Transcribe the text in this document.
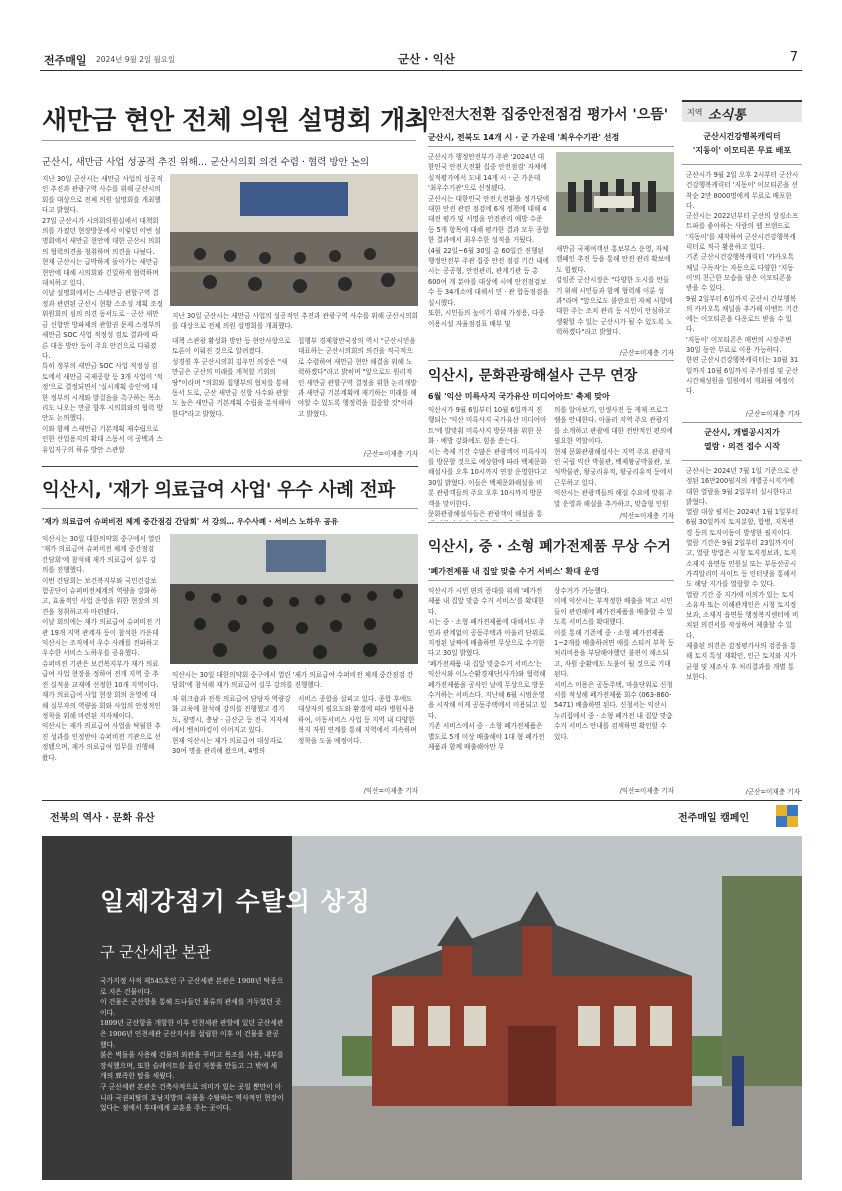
전주매일 2024년 9월 2일 월요일	군산 · 익산	7
새만금 현안 전체 의원 설명회 개최
군산시, 새만금 사업 성공적 추진 위해… 군산시의회 의견 수렴 · 협력 방안 논의

지난 30일 군산시는 새만금 사업의 성공적인 추진과 관광구역 사수를 위해 군산시의회를 대상으로 전체 의원 설명회를 개최했다고 밝혔다.
27일 군산시가 시의회의원실에서 대책회의를 가졌던 현장방문에서 이렇던 이번 설명회에서 새만금 현안에 대한 군산시 의회의 협력의견을 청취하며 의견을 나눴다.
현재 군산시는 급박하게 돌아가는 새만금 현안에 대해 시의회와 긴밀하게 협력하며 대처하고 있다.
이날 설명회에서는 스새만금 관할구역 결정과 관련된 군산시 현황 스조성 계획 조정위원회의 심의 의견 동서도로 · 군산 새만금 신항만 방파제의 관할권 문제 스정부의 새만금 SOC 사업 적정성 검토 결과에 따른 대응 방안 등이 주요 안건으로 다뤄졌다.
특히 정부의 새만금 SOC 사업 적정성 검토에서 새만금 국제공항 등 3개 사업이 '적정'으로 결정되면서 '실시계획 승인'에 대한 정부의 시계와 발걸음을 촉구하는 목소리도 나오는 만큼 향후 시의회와의 협력 방안도 논의했다.
이와 함께 스새만금 기본계획 재수립으로 인한 산업용지의 확대 스동서 이 공백과 스유입지구의 하류 방안 스관할

지난 30일 군산시는 새만금 사업의 성공적인 추진과 관광구역 사수를 위해 군산시의회를 대상으로 전체 의원 설명회를 개최했다.

대책 스관광 활성화 방안 등 현안사항으로 토론이 이뤄진 것으로 알려졌다.
성경원 후 군산시의회 김우민 의장은 "새만금은 군산의 미래를 개척할 기회의 땅"이라며 "의회와 집행부의 협치를 통해 동서 도로, 군산 새만금 신항 사수와 관할도 높은 새만금 기본계획 수립을 분석해야 한다"라고 밝혔다.

집행부 경제항만국장의 역시 "군산시민을 대표하는 군산시의회의 의견을 적극적으로 수렴하여 새만금 현안 해결을 위해 노력하겠다"라고 밝히며 "앞으로도 원리적인 새만금 관할구역 결정을 위한 논리개발과 새만금 기본계획에 재기하는 미래를 해야할 수 있도록 행정력을 집중할 것"이라고 밝혔다.

/군산=이재충 기자
안전大전환 집중안전점검 평가서 '으뜸'
군산시, 전북도 14개 시 · 군 가운데 '최우수기관' 선정

군산시가 행정안전부가 주관 '2024년 대한민국 안전大전환 집중 안전점검' 자체에 실적평가에서 도내 14개 시 · 군 가운데 '최우수기관'으로 선정됐다.
군산시는 대한민국 안전大전환을 정가담에 대한 안전 관련 점검에 6개 정책에 대해 4대전 평가 및 서명을 안전관리 예방 수준 등 5개 항목에 대해 평가한 결과 모두 종합한 결과에서 최우수한 성적을 거뒀다.
(4월 22일~6월 30일 총 60일간 진행된 행정안전부 주관 집중 안전 점검 기간 내에 시는 공공형, 안전관리, 관계기관 등 총 600여 개 분야를 대상에 시에 안전점검보수 등 34개소에 대해서 민 · 관 합동점검을 실시했다.
또한, 시민들의 높이기 위해 가정용, 다중이용시설 자율점검표 배부 및

새만금 국제여객선 홍보부스 운영, 자체 캠페인 추진 등을 통해 안전 관리 확보에도 힘썼다.
강임준 군산시장은 "다양한 도시를 만들기 위해 시민들과 함께 협력해 이룬 성과"라며 "앞으로도 불안요인 자체 시항에 대한 주는 조치 관리 등 시민이 안심하고 생활할 수 있는 군산시가 될 수 있도록 노력하겠다"라고 밝혔다.

/군산=이재충 기자
익산시, 문화관광해설사 근무 연장
6월 '익산 미륵사지 국가유산 미디어아트' 축제 맞아

익산시가 9월 6일부터 10월 6일까지 진행되는 '익산 미륵사지 국가유산 미디어아트'에 발맞춰 미륵사지 방문객을 위한 문화 · 예방 강화에도 힘을 쏟는다.
시는 축제 기간 수많은 관광객이 미륵사지를 방문할 것으로 예상함에 따라 백제문화해설사를 오후 10시까지 연장 운영한다고 30일 밝혔다. 이들은 백제문화해설을 비롯 관광객들의 주요 오후 10시까지 방문객을 맞이한다.
문화관광해설사들은 관광객이 해설을 통

의를 알아보기, 인생사진 등 게재 프로그램을 안내한다. 아울러 지역 주요 관광지를 소개하고 관광에 대한 전반적인 편의에 필요한 역할이다.
현재 문화관광해설사는 지역 주요 관광지인 국립 익산 박물관, 백제왕궁박물관, 보석박물관, 왕궁리유적, 왕궁리유적 등에서 근무하고 있다.
익산시는 관광객들의 해설 수요에 맞춰 주말 운영과 해설을 추가하고, 맞춤형 인원

/익산=이재충 기자
익산시, '재가 의료급여 사업' 우수 사례 전파
'재가 의료급여 슈퍼비전 체계 중간점검 간담회' 서 강의… 우수사례 · 서비스 노하우 공유

익산시는 30일 대한의약회 중구에서 열린 '재가 의료급여 슈퍼비전 체계 중간점검 간담회'에 참석해 재가 의료급여 실무 강의를 진행했다.
이번 간담회는 보건복지부와 국민건강보험공단이 슈퍼비전체계의 역량을 강화하고, 효율적인 사업 운영을 위한 현장의 의견을 청취하고자 마련됐다.
이날 회의에는 재가 의료급여 슈퍼비전 기관 19개 지역 관계자 등이 참석한 가운데 익산시는 조직에서 우수 사례를 전파하고 우수한 서비스 노하우를 공유했다.
슈퍼비전 기관은 보건복지부가 재가 의료급여 사업 현장을 정하여 전개 지역 중 추진 실적을 교재에 선정한 10개 지역이다. 재가 의료급여 사업 현장 회의 운영에 대해 실무자의 역량을 회와 사업의 안정적인 정착을 위해 마련된 지자체이다.
익산시는 재가 의료급여 사업을 탁월한 추진 성과를 인정받아 슈퍼비전 기관으로 선정됐으며, 재가 의료급여 업무를 진행해 왔다.

익산시는 30일 대한의약회 중구에서 열린 '제가 의료급여 수퍼비전 체계 중간점검 간담회'에 참석해 재가 의료급여 실무 강의를 진행했다.

자 위크숍과 전북 의료급여 담당자 역량강화 교육에 참석해 강의를 진행했고 경기도, 광명시, 충남 · 금산군 등 전국 지자체에서 벤치마킹이 이어지고 있다.
현재 익산시는 재가 의료급여 대상자로 30여 명을 관리해 왔으며, 4명의

서비스 종합을 살피고 있다. 종합 후에도 대상자의 필요도와 환경에 따라 병원사용하여, 이동서비스 사업 등 지역 내 다양한 복지 자원 연계를 통해 지역에서 지속하며 정착을 도울 예정이다.

/익산=이재충 기자
익산시, 중 · 소형 폐가전제품 무상 수거
'폐가전제품 내 집앞 맞춤 수거 서비스' 확대 운영

익산시가 시민 편의 증대를 위해 '폐가전제품 내 집앞 맞춤 수거 서비스'를 확대한다.
시는 중 · 소형 폐가전제품에 대해서도 주민과 관계없이 공동주택과 아울러 단위로 지정된 날짜에 배출하면 무상으로 수거한다고 30일 밝혔다.
'폐가전제품 내 집앞 맞춤수거 서비스'는 익산시와 이노슨환경재단(사가)와 협력해 폐가전제품을 공식인 날에 무상으로 방문 수거하는 서비스다. 지난해 6월 시범운영을 시작해 이게 공동주택에서 이용되고 있다.
기존 서비스에서 중 · 소형 폐가전제품은 별도로 5개 이상 배출해야 1대 형 폐가전제품과 함께 배출해야만 무

상수거가 가능했다.
이에 익산시는 부적정한 배출을 막고 시민들이 관련해에 폐가전제품을 배출할 수 있도록 서비스를 확대했다.
이를 통해 기존에 중 · 소형 폐가전제품 1~2개를 배출하려면 애를 스티커 부착 등 처리비용을 부담해야했던 불편이 해소되고, 자원 순환에도 도움이 될 것으로 기대된다.
서비스 이용은 공동주택, 마을단위로 신청서를 작성해 폐가전제품 회수 (063-860-5471) 배출하면 된다. 신청서는 익산시 누리집에서 중 · 소형 폐가전 내 집앞 맞춤수거 서비스 안내를 검색하면 확인할 수 있다.

/익산=이재충 기자
지역 소식통
군산시건강행복캐릭터
'지동이' 이모티콘 무료 배포

군산시가 9월 2일 오후 2시부터 군산시건강행복캐릭터 '지동이' 이모티콘을 선착순 2만 8000명에게 무료로 배포한다.
군산시는 2022년부터 군산의 상징소프트파를 좋아하는 사람의 웹 브랜드로 '지동이'를 제작하여 군산시건강행복캐릭터로 적극 활용하고 있다.
기존 군산시건강행복캐릭터 '카카오톡 채널 구독자'는 자동으로 다양한 '지동이'의 친근한 모습을 담은 이모티콘을 받을 수 있다.
9월 2일부터 6일까지 군산시 간부행복의 카카오톡 채널을 추가해 이벤트 기간에는 이모티콘을 다운로드 받을 수 있다.
'지동이' 이모티콘은 매번의 시장주변 30일 동안 무료로 이용 가능하다.
한편 군산시건강행복캐릭터는 10월 31일까지 10월 6일까지 주가점검 및 군산시간체성원을 일원에서 개최될 예정이다.

/군산=이재충 기자
군산시, 개별공시지가
열람 · 의견 접수 시작

군산시는 2024년 7월 1일 기준으로 산정된 16만200필지의 개별공시지가에 대한 열람을 9월 2일부터 실시한다고 밝혔다.
열람 대상 필지는 2024년 1월 1일부터 6월 30일까지 토지분할, 합병, 지목변경 등의 토지이동이 발생한 필지이다.
열람 기간은 9월 2일부터 23일까지이고, 열람 방법은 시청 토지정보과, 토지소재지 읍면동 민원실 또는 부동산공시가격알리미 사이트 등 인터넷을 통해서도 해당 지가를 열람할 수 있다.
열람 기간 중 지가에 이의가 있는 토지소유자 또는 이해관계인은 시청 토지정보과, 소재지 읍면동 행정복지센터에 비치된 의견서를 작성하여 제출할 수 있다.
제출된 의견은 감정평가사의 검증을 통해 토지 특성 재확인, 인근 토지와 지가 균형 및 재조사 후 처리결과를 개별 통보한다.

/군산=이재충 기자
전북의 역사 · 문화 유산	전주매일 캠페인
일제강점기 수탈의 상징
구 군산세관 본관

국가지정 사적 제545호인 구 군산세관 본관은 1908년 탁종으로 지은 건물이다.
이 건물은 군산항을 통해 드나들던 물류의 관세를 거두었던 곳이다.
1899년 군산항을 개항한 이후 인천세관 관할에 있던 군산세관은 1906년 인천세관 군산지사를 설립한 이후 이 건물을 완공했다.
붉은 벽돌을 사용해 건물의 외관을 꾸미고 목조를 사용, 내부를 장식했으며, 또한 슬레이트를 올린 지붕을 만들고 그 밖에 세 개의 뾰족한 탑을 세웠다.
구 군산세관 본관은 건축사적으로 의미가 있는 곳일 뿐만이 아니라 국권피탈의 호남지방의 곡물을 수탈하는 역사적인 현장이었다는 점에서 후대에게 교훈을 주는 곳이다.
